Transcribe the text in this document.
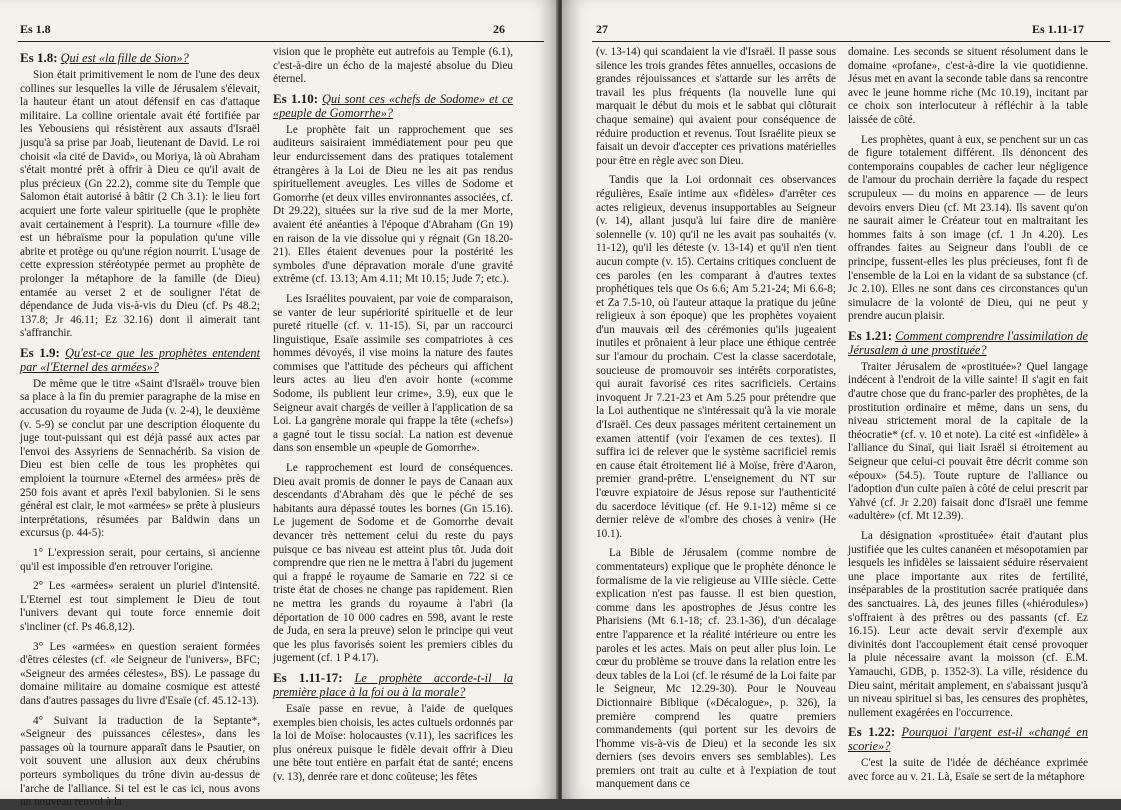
Es 1.8	26
Es 1.8: Qui est «la fille de Sion»?

Sion était primitivement le nom de l'une des deux collines sur lesquelles la ville de Jérusalem s'élevait, la hauteur étant un atout défensif en cas d'attaque militaire. La colline orientale avait été fortifiée par les Yebousiens qui résistèrent aux assauts d'Israël jusqu'à sa prise par Joab, lieutenant de David. Le roi choisit «la cité de David», ou Moriya, là où Abraham s'était montré prêt à offrir à Dieu ce qu'il avait de plus précieux (Gn 22.2), comme site du Temple que Salomon était autorisé à bâtir (2 Ch 3.1): le lieu fort acquiert une forte valeur spirituelle (que le prophète avait certainement à l'esprit). La tournure «fille de» est un hébraïsme pour la population qu'une ville abrite et protège ou qu'une région nourrit. L'usage de cette expression stéréotypée permet au prophète de prolonger la métaphore de la famille (de Dieu) entamée au verset 2 et de souligner l'état de dépendance de Juda vis-à-vis du Dieu (cf. Ps 48.2; 137.8; Jr 46.11; Ez 32.16) dont il aimerait tant s'affranchir.

Es 1.9: Qu'est-ce que les prophètes entendent par «l'Eternel des armées»?

De même que le titre «Saint d'Israël» trouve bien sa place à la fin du premier paragraphe de la mise en accusation du royaume de Juda (v. 2-4), le deuxième (v. 5-9) se conclut par une description éloquente du juge tout-puissant qui est déjà passé aux actes par l'envoi des Assyriens de Sennachérib. Sa vision de Dieu est bien celle de tous les prophètes qui emploient la tournure «Eternel des armées» près de 250 fois avant et après l'exil babylonien. Si le sens général est clair, le mot «armées» se prête à plusieurs interprétations, résumées par Baldwin dans un excursus (p. 44-5):

1° L'expression serait, pour certains, si ancienne qu'il est impossible d'en retrouver l'origine.

2° Les «armées» seraient un pluriel d'intensité. L'Eternel est tout simplement le Dieu de tout l'univers devant qui toute force ennemie doit s'incliner (cf. Ps 46.8,12).

3° Les «armées» en question seraient formées d'êtres célestes (cf. «le Seigneur de l'univers», BFC; «Seigneur des armées célestes», BS). Le passage du domaine militaire au domaine cosmique est attesté dans d'autres passages du livre d'Esaïe (cf. 45.12-13).

4° Suivant la traduction de la Septante*, «Seigneur des puissances célestes», dans les passages où la tournure apparaît dans le Psautier, on voit souvent une allusion aux deux chérubins porteurs symboliques du trône divin au-dessus de l'arche de l'alliance. Si tel est le cas ici, nous avons un nouveau renvoi à la

vision que le prophète eut autrefois au Temple (6.1), c'est-à-dire un écho de la majesté absolue du Dieu éternel.

Es 1.10: Qui sont ces «chefs de Sodome» et ce «peuple de Gomorrhe»?

Le prophète fait un rapprochement que ses auditeurs saisiraient immédiatement pour peu que leur endurcissement dans des pratiques totalement étrangères à la Loi de Dieu ne les ait pas rendus spirituellement aveugles. Les villes de Sodome et Gomorrhe (et deux villes environnantes associées, cf. Dt 29.22), situées sur la rive sud de la mer Morte, avaient été anéanties à l'époque d'Abraham (Gn 19) en raison de la vie dissolue qui y régnait (Gn 18.20-21). Elles étaient devenues pour la postérité les symboles d'une dépravation morale d'une gravité extrême (cf. 13.13; Am 4.11; Mt 10.15; Jude 7; etc.).

Les Israélites pouvaient, par voie de comparaison, se vanter de leur supériorité spirituelle et de leur pureté rituelle (cf. v. 11-15). Si, par un raccourci linguistique, Esaïe assimile ses compatriotes à ces hommes dévoyés, il vise moins la nature des fautes commises que l'attitude des pécheurs qui affichent leurs actes au lieu d'en avoir honte («comme Sodome, ils publient leur crime», 3.9), eux que le Seigneur avait chargés de veiller à l'application de sa Loi. La gangrène morale qui frappe la tête («chefs») a gagné tout le tissu social. La nation est devenue dans son ensemble un «peuple de Gomorrhe».

Le rapprochement est lourd de conséquences. Dieu avait promis de donner le pays de Canaan aux descendants d'Abraham dès que le péché de ses habitants aura dépassé toutes les bornes (Gn 15.16). Le jugement de Sodome et de Gomorrhe devait devancer très nettement celui du reste du pays puisque ce bas niveau est atteint plus tôt. Juda doit comprendre que rien ne le mettra à l'abri du jugement qui a frappé le royaume de Samarie en 722 si ce triste état de choses ne change pas rapidement. Rien ne mettra les grands du royaume à l'abri (la déportation de 10 000 cadres en 598, avant le reste de Juda, en sera la preuve) selon le principe qui veut que les plus favorisés soient les premiers cibles du jugement (cf. 1 P 4.17).

Es 1.11-17: Le prophète accorde-t-il la première place à la foi ou à la morale?

Esaïe passe en revue, à l'aide de quelques exemples bien choisis, les actes cultuels ordonnés par la loi de Moïse: holocaustes (v.11), les sacrifices les plus onéreux puisque le fidèle devait offrir à Dieu une bête tout entière en parfait état de santé; encens (v. 13), denrée rare et donc coûteuse; les fêtes

27	Es 1.11-17

(v. 13-14) qui scandaient la vie d'Israël. Il passe sous silence les trois grandes fêtes annuelles, occasions de grandes réjouissances et s'attarde sur les arrêts de travail les plus fréquents (la nouvelle lune qui marquait le début du mois et le sabbat qui clôturait chaque semaine) qui avaient pour conséquence de réduire production et revenus. Tout Israélite pieux se faisait un devoir d'accepter ces privations matérielles pour être en règle avec son Dieu.

Tandis que la Loi ordonnait ces observances régulières, Esaïe intime aux «fidèles» d'arrêter ces actes religieux, devenus insupportables au Seigneur (v. 14), allant jusqu'à lui faire dire de manière solennelle (v. 10) qu'il ne les avait pas souhaités (v. 11-12), qu'il les déteste (v. 13-14) et qu'il n'en tient aucun compte (v. 15). Certains critiques concluent de ces paroles (en les comparant à d'autres textes prophétiques tels que Os 6.6; Am 5.21-24; Mi 6.6-8; et Za 7.5-10, où l'auteur attaque la pratique du jeûne religieux à son époque) que les prophètes voyaient d'un mauvais œil des cérémonies qu'ils jugeaient inutiles et prônaient à leur place une éthique centrée sur l'amour du prochain. C'est la classe sacerdotale, soucieuse de promouvoir ses intérêts corporatistes, qui aurait favorisé ces rites sacrificiels. Certains invoquent Jr 7.21-23 et Am 5.25 pour prétendre que la Loi authentique ne s'intéressait qu'à la vie morale d'Israël. Ces deux passages méritent certainement un examen attentif (voir l'examen de ces textes). Il suffira ici de relever que le système sacrificiel remis en cause était étroitement lié à Moïse, frère d'Aaron, premier grand-prêtre. L'enseignement du NT sur l'œuvre expiatoire de Jésus repose sur l'authenticité du sacerdoce lévitique (cf. He 9.1-12) même si ce dernier relève de «l'ombre des choses à venir» (He 10.1).

La Bible de Jérusalem (comme nombre de commentateurs) explique que le prophète dénonce le formalisme de la vie religieuse au VIIIe siècle. Cette explication n'est pas fausse. Il est bien question, comme dans les apostrophes de Jésus contre les Pharisiens (Mt 6.1-18; cf. 23.1-36), d'un décalage entre l'apparence et la réalité intérieure ou entre les paroles et les actes. Mais on peut aller plus loin. Le cœur du problème se trouve dans la relation entre les deux tables de la Loi (cf. le résumé de la Loi faite par le Seigneur, Mc 12.29-30). Pour le Nouveau Dictionnaire Biblique («Décalogue», p. 326), la première comprend les quatre premiers commandements (qui portent sur les devoirs de l'homme vis-à-vis de Dieu) et la seconde les six derniers (ses devoirs envers ses semblables). Les premiers ont trait au culte et à l'expiation de tout manquement dans ce

domaine. Les seconds se situent résolument dans le domaine «profane», c'est-à-dire la vie quotidienne. Jésus met en avant la seconde table dans sa rencontre avec le jeune homme riche (Mc 10.19), incitant par ce choix son interlocuteur à réfléchir à la table laissée de côté.

Les prophètes, quant à eux, se penchent sur un cas de figure totalement différent. Ils dénoncent des contemporains coupables de cacher leur négligence de l'amour du prochain derrière la façade du respect scrupuleux — du moins en apparence — de leurs devoirs envers Dieu (cf. Mt 23.14). Ils savent qu'on ne saurait aimer le Créateur tout en maltraitant les hommes faits à son image (cf. 1 Jn 4.20). Les offrandes faites au Seigneur dans l'oubli de ce principe, fussent-elles les plus précieuses, font fi de l'ensemble de la Loi en la vidant de sa substance (cf. Jc 2.10). Elles ne sont dans ces circonstances qu'un simulacre de la volonté de Dieu, qui ne peut y prendre aucun plaisir.

Es 1.21: Comment comprendre l'assimilation de Jérusalem à une prostituée?

Traiter Jérusalem de «prostituée»? Quel langage indécent à l'endroit de la ville sainte! Il s'agit en fait d'autre chose que du franc-parler des prophètes, de la prostitution ordinaire et même, dans un sens, du niveau strictement moral de la capitale de la théocratie* (cf. v. 10 et note). La cité est «infidèle» à l'alliance du Sinaï, qui liait Israël si étroitement au Seigneur que celui-ci pouvait être décrit comme son «époux» (54.5). Toute rupture de l'alliance ou l'adoption d'un culte païen à côté de celui prescrit par Yahvé (cf. Jr 2.20) faisait donc d'Israël une femme «adultère» (cf. Mt 12.39).

La désignation «prostituée» était d'autant plus justifiée que les cultes cananéen et mésopotamien par lesquels les infidèles se laissaient séduire réservaient une place importante aux rites de fertilité, inséparables de la prostitution sacrée pratiquée dans des sanctuaires. Là, des jeunes filles («hiérodules») s'offraient à des prêtres ou des passants (cf. Ez 16.15). Leur acte devait servir d'exemple aux divinités dont l'accouplement était censé provoquer la pluie nécessaire avant la moisson (cf. E.M. Yamauchi, GDB, p. 1352-3). La ville, résidence du Dieu saint, méritait amplement, en s'abaissant jusqu'à un niveau spirituel si bas, les censures des prophètes, nullement exagérées en l'occurrence.

Es 1.22: Pourquoi l'argent est-il «changé en scorie»?

C'est la suite de l'idée de déchéance exprimée avec force au v. 21. Là, Esaïe se sert de la métaphore
